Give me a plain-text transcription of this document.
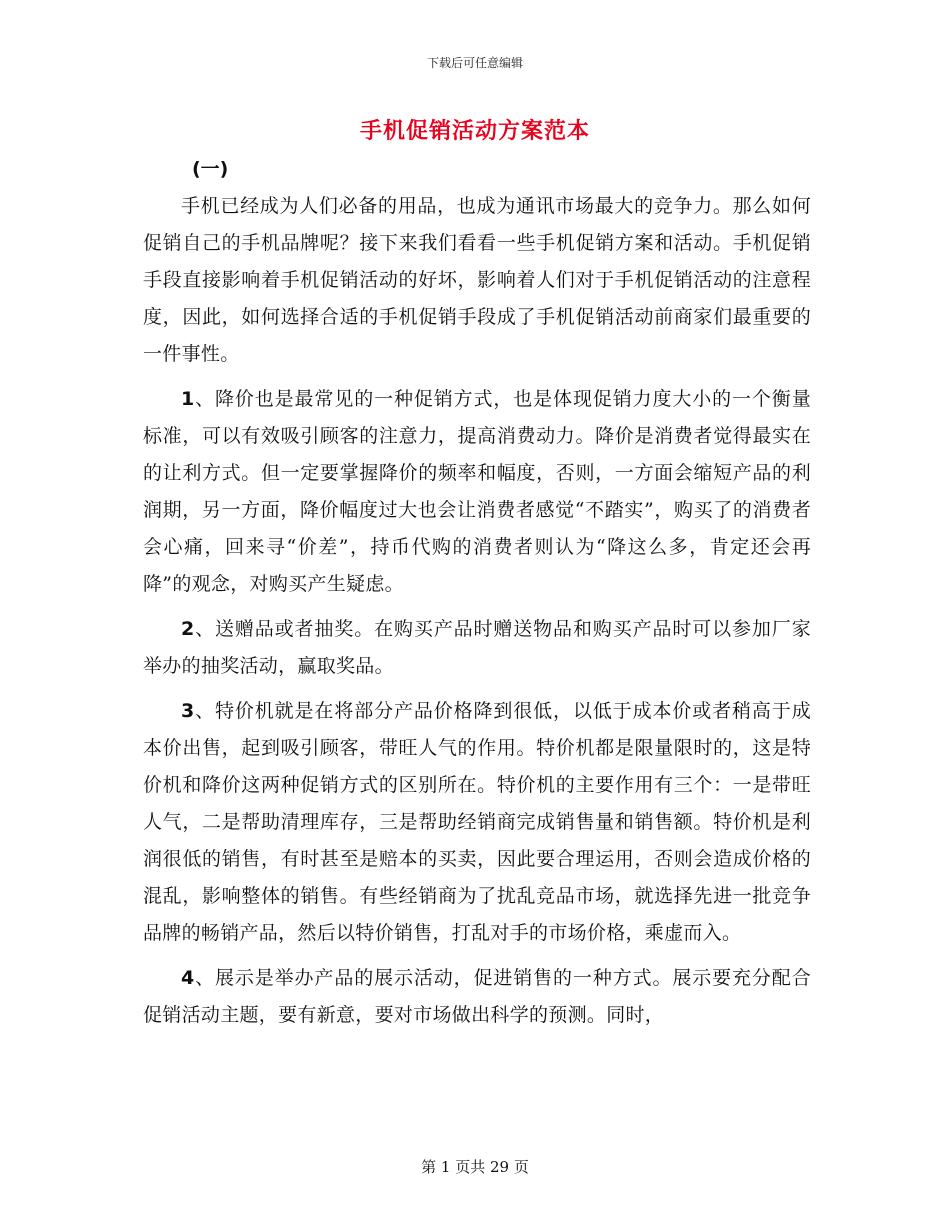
下载后可任意编辑
手机促销活动方案范本
(一)

手机已经成为人们必备的用品，也成为通讯市场最大的竞争力。那么如何促销自己的手机品牌呢？接下来我们看看一些手机促销方案和活动。手机促销手段直接影响着手机促销活动的好坏，影响着人们对于手机促销活动的注意程度，因此，如何选择合适的手机促销手段成了手机促销活动前商家们最重要的一件事性。

1、降价也是最常见的一种促销方式，也是体现促销力度大小的一个衡量标准，可以有效吸引顾客的注意力，提高消费动力。降价是消费者觉得最实在的让利方式。但一定要掌握降价的频率和幅度，否则，一方面会缩短产品的利润期，另一方面，降价幅度过大也会让消费者感觉“不踏实”，购买了的消费者会心痛，回来寻“价差”，持币代购的消费者则认为“降这么多，肯定还会再降”的观念，对购买产生疑虑。

2、送赠品或者抽奖。在购买产品时赠送物品和购买产品时可以参加厂家举办的抽奖活动，赢取奖品。

3、特价机就是在将部分产品价格降到很低，以低于成本价或者稍高于成本价出售，起到吸引顾客，带旺人气的作用。特价机都是限量限时的，这是特价机和降价这两种促销方式的区别所在。特价机的主要作用有三个：一是带旺人气，二是帮助清理库存，三是帮助经销商完成销售量和销售额。特价机是利润很低的销售，有时甚至是赔本的买卖，因此要合理运用，否则会造成价格的混乱，影响整体的销售。有些经销商为了扰乱竞品市场，就选择先进一批竞争品牌的畅销产品，然后以特价销售，打乱对手的市场价格，乘虚而入。

4、展示是举办产品的展示活动，促进销售的一种方式。展示要充分配合促销活动主题，要有新意，要对市场做出科学的预测。同时，

第 1 页共 29 页
